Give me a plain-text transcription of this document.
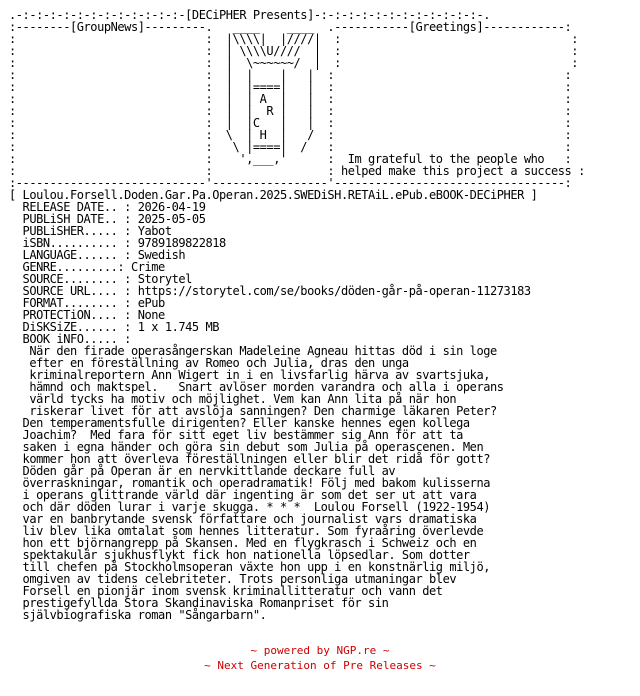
.-:-:-:-:-:-:-:-:-:-:-:-:-[DECiPHER Presents]-:-:-:-:-:-:-:-:-:-:-:-:-.
:--------[GroupNews]---------.   ____    ____  .-----------[Greetings]------------:
:                            :  |\\\\|  |////|  :                                  :
:                            :  | \\\\U////  |  :                                  :
:                            :  |  \~~~~~~/  |  :                                  :
:                            :  |  |    |   |  :                                  :
:                            :  |  |====|   |  :                                  :
:                            :  |  | A  |   |  :                                  :
:                            :  |  |  R |   |  :                                  :
:                            :  |  |C   |   |  :                                  :
:                            :  \  | H  |   /  :                                  :
:                            :   \ |====|  /   :                                  :
:                            :    ',___,'      :  Im grateful to the people who   :
:                            :                 : helped make this project a success :
:----------------------------'-----------------'----------------------------------:
[ Loulou.Forsell.Doden.Gar.Pa.Operan.2025.SWEDiSH.RETAiL.ePub.eBOOK-DECiPHER ]
RELEASE DATE.. : 2026-04-19
PUBLiSH DATE.. : 2025-05-05
PUBLiSHER..... : Yabot
iSBN.......... : 9789189822818
LANGUAGE...... : Swedish
GENRE.........: Crime
SOURCE........ : Storytel
SOURCE URL.... : https://storytel.com/se/books/döden-går-på-operan-11273183
FORMAT........ : ePub
PROTECTiON.... : None
DiSKSiZE...... : 1 x 1.745 MB
BOOK iNFO..... :
När den firade operasångerskan Madeleine Agneau hittas död i sin loge
efter en föreställning av Romeo och Julia, dras den unga
kriminalreportern Ann Wigert in i en livsfarlig härva av svartsjuka,
hämnd och maktspel.   Snart avlöser morden varandra och alla i operans
värld tycks ha motiv och möjlighet. Vem kan Ann lita på när hon
riskerar livet för att avslöja sanningen? Den charmige läkaren Peter?
Den temperamentsfulle dirigenten? Eller kanske hennes egen kollega
Joachim?  Med fara för sitt eget liv bestämmer sig Ann för att ta
saken i egna händer och göra sin debut som Julia på operascenen. Men
kommer hon att överleva föreställningen eller blir det ridå för gott?
Döden går på Operan är en nervkittlande deckare full av
överraskningar, romantik och operadramatik! Följ med bakom kulisserna
i operans glittrande värld där ingenting är som det ser ut att vara
och där döden lurar i varje skugga. * * *  Loulou Forsell (1922-1954)
var en banbrytande svensk författare och journalist vars dramatiska
liv blev lika omtalat som hennes litteratur. Som fyraåring överlevde
hon ett björnangrepp på Skansen. Med en flygkrasch i Schweiz och en
spektakulär sjukhusflykt fick hon nationella löpsedlar. Som dotter
till chefen på Stockholmsoperan växte hon upp i en konstnärlig miljö,
omgiven av tidens celebriteter. Trots personliga utmaningar blev
Forsell en pionjär inom svensk kriminallitteratur och vann det
prestigefyllda Stora Skandinaviska Romanpriset för sin
självbiografiska roman "Sångarbarn".
~ powered by NGP.re ~
~ Next Generation of Pre Releases ~
